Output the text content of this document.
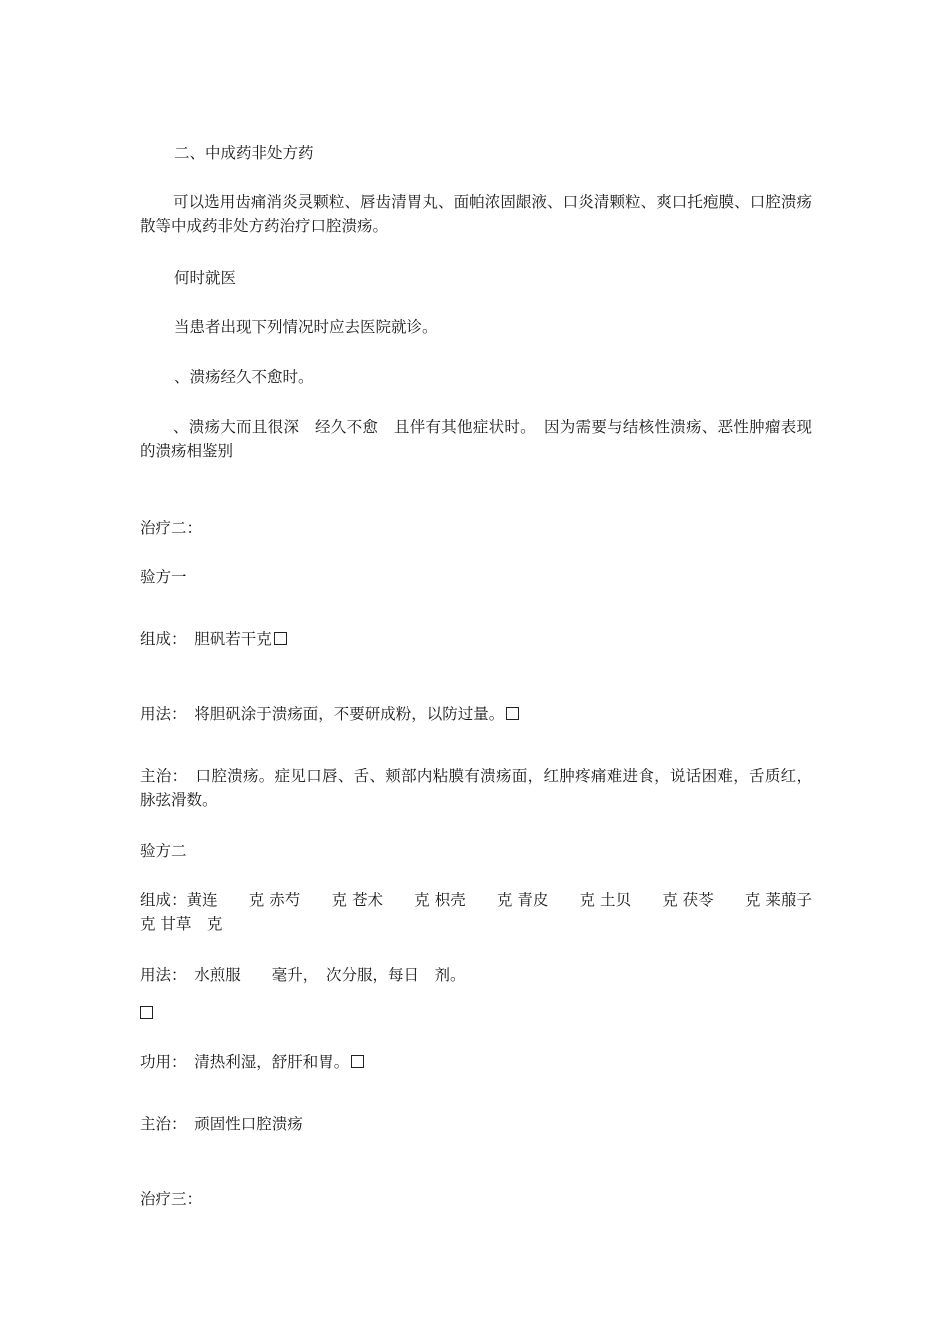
二、中成药非处方药
可以选用齿痛消炎灵颗粒、唇齿清胃丸、面帕浓固龈液、口炎清颗粒、爽口托疱膜、口腔溃疡散等中成药非处方药治疗口腔溃疡。
何时就医
当患者出现下列情况时应去医院就诊。
、溃疡经久不愈时。
、溃疡大而且很深　经久不愈　且伴有其他症状时。　因为需要与结核性溃疡、恶性肿瘤表现的溃疡相鉴别
治疗二：
验方一
组成：　胆矾若干克
用法：　将胆矾涂于溃疡面，不要研成粉，以防过量。
主治：　口腔溃疡。症见口唇、舌、颊部内粘膜有溃疡面，红肿疼痛难进食，说话困难，舌质红，脉弦滑数。
验方二
组成：黄连　　克 赤芍　　克 苍术　　克 枳壳　　克 青皮　　克 土贝　　克 茯苓　　克 莱菔子　　克 甘草　克
用法：　水煎服　　毫升，　次分服，每日　剂。
功用：　清热利湿，舒肝和胃。
主治：　顽固性口腔溃疡
治疗三：
